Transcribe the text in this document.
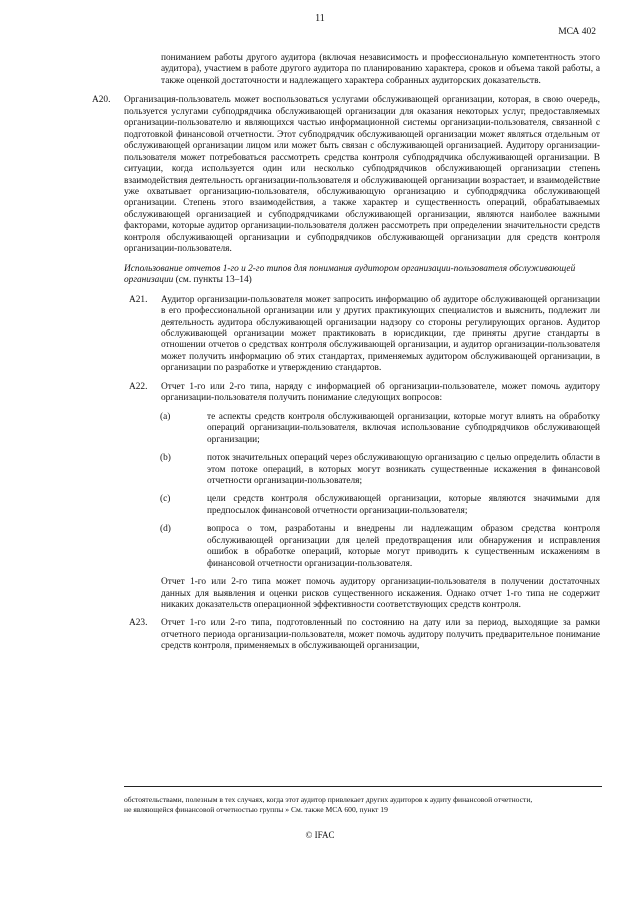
11
МСА 402

пониманием работы другого аудитора (включая независимость и профессиональную компетентность этого аудитора), участием в работе другого аудитора по планированию характера, сроков и объема такой работы, а также оценкой достаточности и надлежащего характера собранных аудиторских доказательств.

A20. Организация-пользователь может воспользоваться услугами обслуживающей организации, которая, в свою очередь, пользуется услугами субподрядчика обслуживающей организации для оказания некоторых услуг, предоставляемых организации-пользователю и являющихся частью информационной системы организации-пользователя, связанной с подготовкой финансовой отчетности. Этот субподрядчик обслуживающей организации может являться отдельным от обслуживающей организации лицом или может быть связан с обслуживающей организацией. Аудитору организации-пользователя может потребоваться рассмотреть средства контроля субподрядчика обслуживающей организации. В ситуации, когда используется один или несколько субподрядчиков обслуживающей организации степень взаимодействия деятельность организации-пользователя и обслуживающей организации возрастает, и взаимодействие уже охватывает организацию-пользователя, обслуживающую организацию и субподрядчика обслуживающей организации. Степень этого взаимодействия, а также характер и существенность операций, обрабатываемых обслуживающей организацией и субподрядчиками обслуживающей организации, являются наиболее важными факторами, которые аудитор организации-пользователя должен рассмотреть при определении значительности средств контроля обслуживающей организации и субподрядчиков обслуживающей организации для средств контроля организации-пользователя.

Использование отчетов 1-го и 2-го типов для понимания аудитором организации-пользователя обслуживающей организации (см. пункты 13–14)

A21. Аудитор организации-пользователя может запросить информацию об аудиторе обслуживающей организации в его профессиональной организации или у других практикующих специалистов и выяснить, подлежит ли деятельность аудитора обслуживающей организации надзору со стороны регулирующих органов. Аудитор обслуживающей организации может практиковать в юрисдикции, где приняты другие стандарты в отношении отчетов о средствах контроля обслуживающей организации, и аудитор организации-пользователя может получить информацию об этих стандартах, применяемых аудитором обслуживающей организации, в организации по разработке и утверждению стандартов.

A22. Отчет 1-го или 2-го типа, наряду с информацией об организации-пользователе, может помочь аудитору организации-пользователя получить понимание следующих вопросов:

(a)	те аспекты средств контроля обслуживающей организации, которые могут влиять на обработку операций организации-пользователя, включая использование субподрядчиков обслуживающей организации;

(b)	поток значительных операций через обслуживающую организацию с целью определить области в этом потоке операций, в которых могут возникать существенные искажения в финансовой отчетности организации-пользователя;

(c)	цели средств контроля обслуживающей организации, которые являются значимыми для предпосылок финансовой отчетности организации-пользователя;

(d)	вопроса о том, разработаны и внедрены ли надлежащим образом средства контроля обслуживающей организации для целей предотвращения или обнаружения и исправления ошибок в обработке операций, которые могут приводить к существенным искажениям в финансовой отчетности организации-пользователя.

Отчет 1-го или 2-го типа может помочь аудитору организации-пользователя в получении достаточных данных для выявления и оценки рисков существенного искажения. Однако отчет 1-го типа не содержит никаких доказательств операционной эффективности соответствующих средств контроля.

A23. Отчет 1-го или 2-го типа, подготовленный по состоянию на дату или за период, выходящие за рамки отчетного периода организации-пользователя, может помочь аудитору получить предварительное понимание средств контроля, применяемых в обслуживающей организации,

обстоятельствами, полезным в тех случаях, когда этот аудитор привлекает других аудиторов к аудиту финансовой отчетности,

не являющейся финансовой отчетностью группы » См. также МСА 600, пункт 19

© IFAC
